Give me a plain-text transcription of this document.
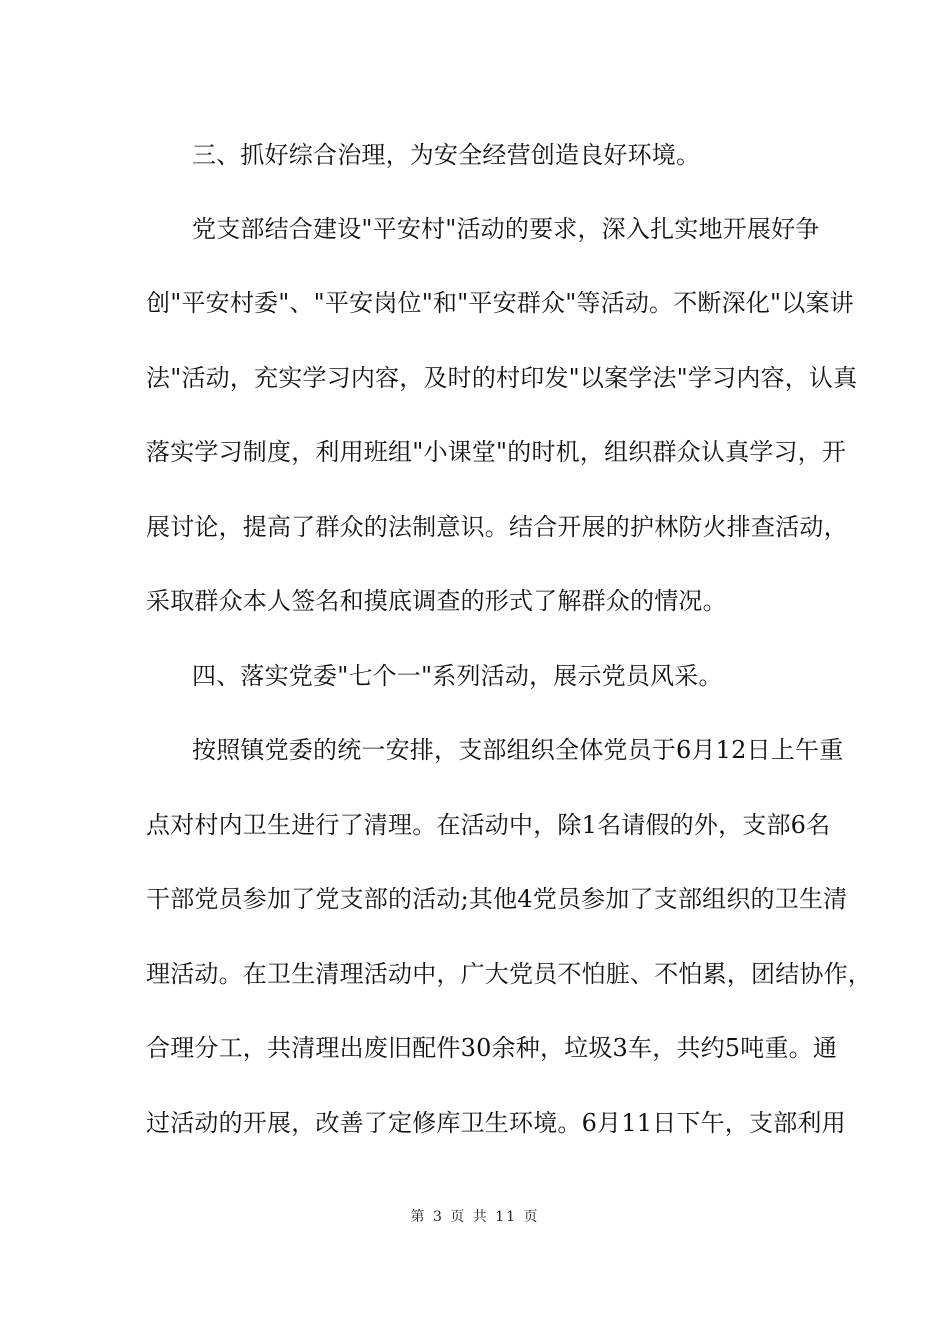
三、抓好综合治理，为安全经营创造良好环境。
党支部结合建设"平安村"活动的要求，深入扎实地开展好争
创"平安村委"、"平安岗位"和"平安群众"等活动。不断深化"以案讲
法"活动，充实学习内容，及时的村印发"以案学法"学习内容，认真
落实学习制度，利用班组"小课堂"的时机，组织群众认真学习，开
展讨论，提高了群众的法制意识。结合开展的护林防火排查活动，
采取群众本人签名和摸底调查的形式了解群众的情况。
四、落实党委"七个一"系列活动，展示党员风采。
按照镇党委的统一安排，支部组织全体党员于6月12日上午重
点对村内卫生进行了清理。在活动中，除1名请假的外，支部6名
干部党员参加了党支部的活动;其他4党员参加了支部组织的卫生清
理活动。在卫生清理活动中，广大党员不怕脏、不怕累，团结协作，
合理分工，共清理出废旧配件30余种，垃圾3车，共约5吨重。通
过活动的开展，改善了定修库卫生环境。6月11日下午，支部利用
第 3 页 共 11 页
